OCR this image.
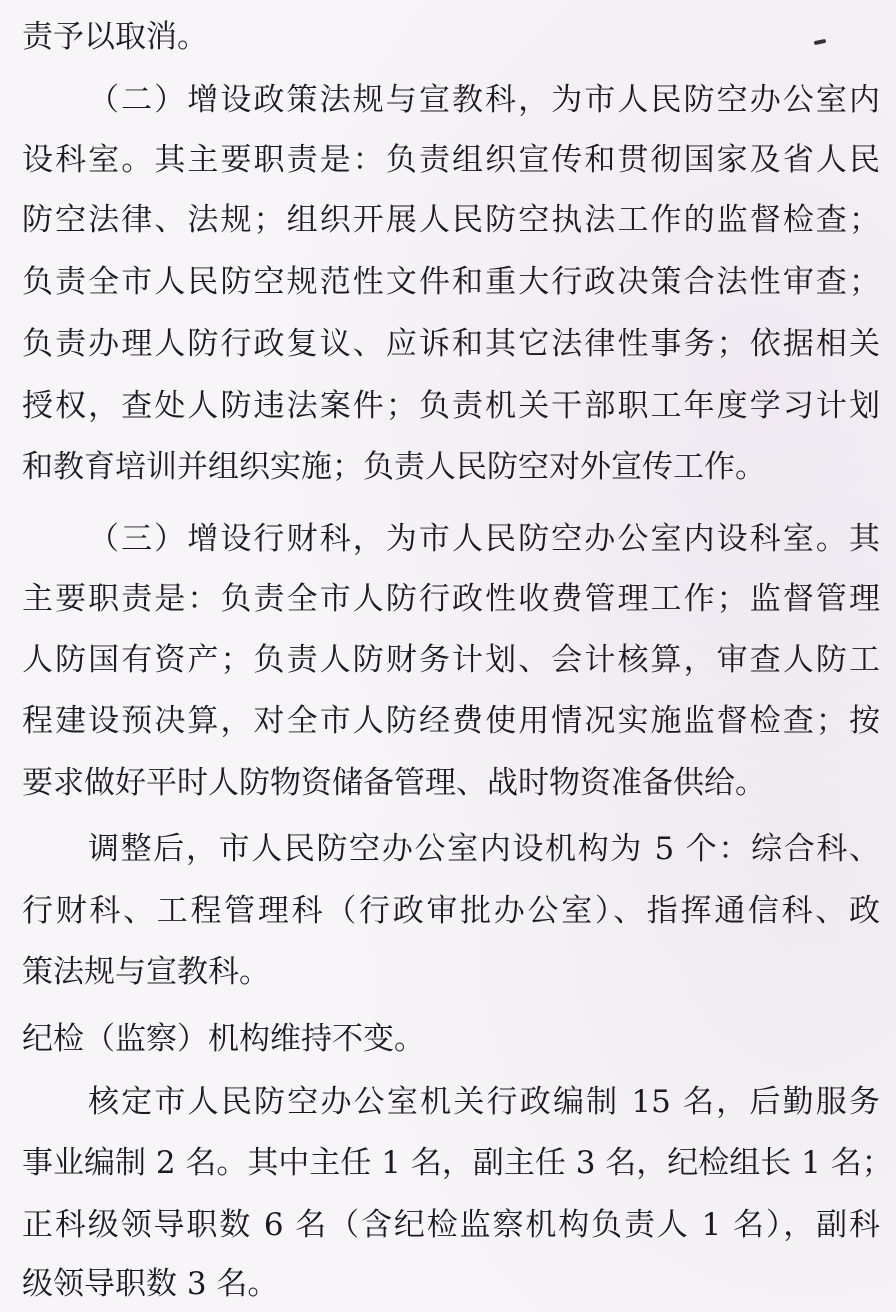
责予以取消。
（二）增设政策法规与宣教科，为市人民防空办公室内
设科室。其主要职责是：负责组织宣传和贯彻国家及省人民
防空法律、法规；组织开展人民防空执法工作的监督检查；
负责全市人民防空规范性文件和重大行政决策合法性审查；
负责办理人防行政复议、应诉和其它法律性事务；依据相关
授权，查处人防违法案件；负责机关干部职工年度学习计划
和教育培训并组织实施；负责人民防空对外宣传工作。
（三）增设行财科，为市人民防空办公室内设科室。其
主要职责是：负责全市人防行政性收费管理工作；监督管理
人防国有资产；负责人防财务计划、会计核算，审查人防工
程建设预决算，对全市人防经费使用情况实施监督检查；按
要求做好平时人防物资储备管理、战时物资准备供给。
调整后，市人民防空办公室内设机构为 5 个：综合科、
行财科、工程管理科（行政审批办公室）、指挥通信科、政
策法规与宣教科。
纪检（监察）机构维持不变。
核定市人民防空办公室机关行政编制 15 名，后勤服务
事业编制 2 名。其中主任 1 名，副主任 3 名，纪检组长 1 名；
正科级领导职数 6 名（含纪检监察机构负责人 1 名），副科
级领导职数 3 名。
